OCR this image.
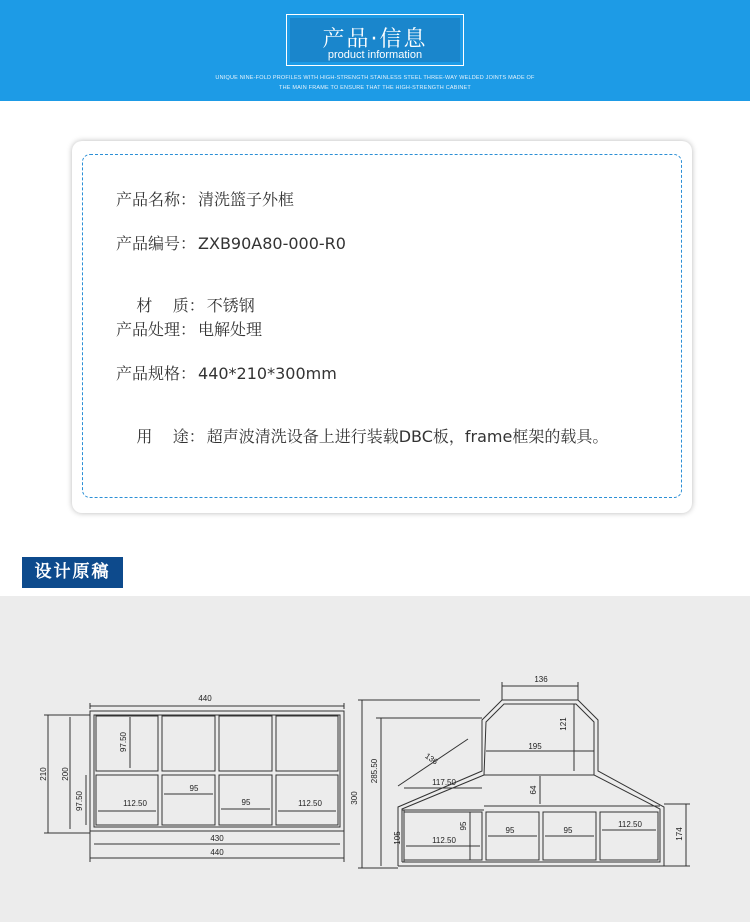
产品·信息
product information
UNIQUE NINE-FOLD PROFILES WITH HIGH-STRENGTH STAINLESS STEEL THREE-WAY WELDED JOINTS MADE OF
THE MAIN FRAME TO ENSURE THAT THE HIGH-STRENGTH CABINET
产品名称： 清洗篮子外框
产品编号： ZXB90A80-000-R0

材    质： 不锈钢

产品处理： 电解处理
产品规格： 440*210*300mm

用    途： 超声波清洗设备上进行装载DBC板，frame框架的载具。

设计原稿
440
430
440
210 200
97.50
97.50	112.50
95
95	112.50
136
195
121
136
117.50
64
300
285.50
105
95
112.50
95	95
112.50
174
